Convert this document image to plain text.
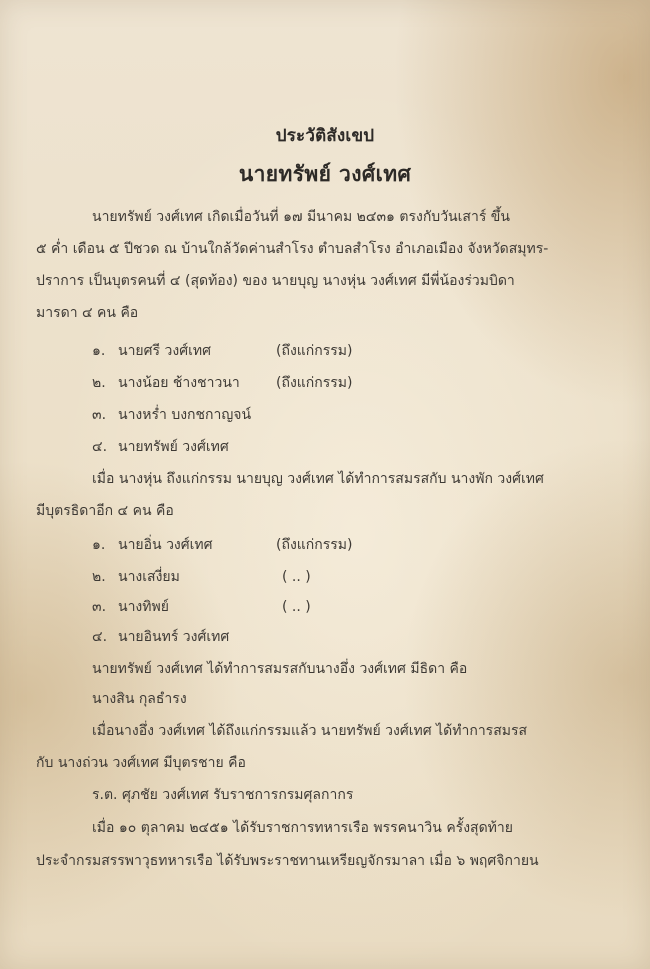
ประวัติสังเขป
นายทรัพย์ วงศ์เทศ
นายทรัพย์ วงศ์เทศ เกิดเมื่อวันที่ ๑๗ มีนาคม ๒๔๓๑ ตรงกับวันเสาร์ ขึ้น
๕ ค่ำ เดือน ๕ ปีชวด ณ บ้านใกล้วัดค่านสำโรง ตำบลสำโรง อำเภอเมือง จังหวัดสมุทร-
ปราการ เป็นบุตรคนที่ ๔ (สุดท้อง) ของ นายบุญ นางหุ่น วงศ์เทศ มีพี่น้องร่วมบิดา
มารดา ๔ คน คือ
๑. นายศรี วงศ์เทศ	(ถึงแก่กรรม)
๒. นางน้อย ช้างชาวนา	(ถึงแก่กรรม)
๓. นางหร่ำ บงกชกาญจน์
๔. นายทรัพย์ วงศ์เทศ
เมื่อ นางหุ่น ถึงแก่กรรม นายบุญ วงศ์เทศ ได้ทำการสมรสกับ นางพัก วงศ์เทศ
มีบุตรธิดาอีก ๔ คน คือ
๑. นายอิ่น วงศ์เทศ	(ถึงแก่กรรม)
๒. นางเสงี่ยม	( .. )
๓. นางทิพย์	( .. )
๔. นายอินทร์ วงศ์เทศ
นายทรัพย์ วงศ์เทศ ได้ทำการสมรสกับนางอึ่ง วงศ์เทศ มีธิดา คือ
นางสิน กุลธำรง
เมื่อนางอึ่ง วงศ์เทศ ได้ถึงแก่กรรมแล้ว นายทรัพย์ วงศ์เทศ ได้ทำการสมรส
กับ นางถ่วน วงศ์เทศ มีบุตรชาย คือ
ร.ต. ศุภชัย วงศ์เทศ รับราชการกรมศุลกากร
เมื่อ ๑๐ ตุลาคม ๒๔๕๑ ได้รับราชการทหารเรือ พรรคนาวิน ครั้งสุดท้าย
ประจำกรมสรรพาวุธทหารเรือ ได้รับพระราชทานเหรียญจักรมาลา เมื่อ ๖ พฤศจิกายน
